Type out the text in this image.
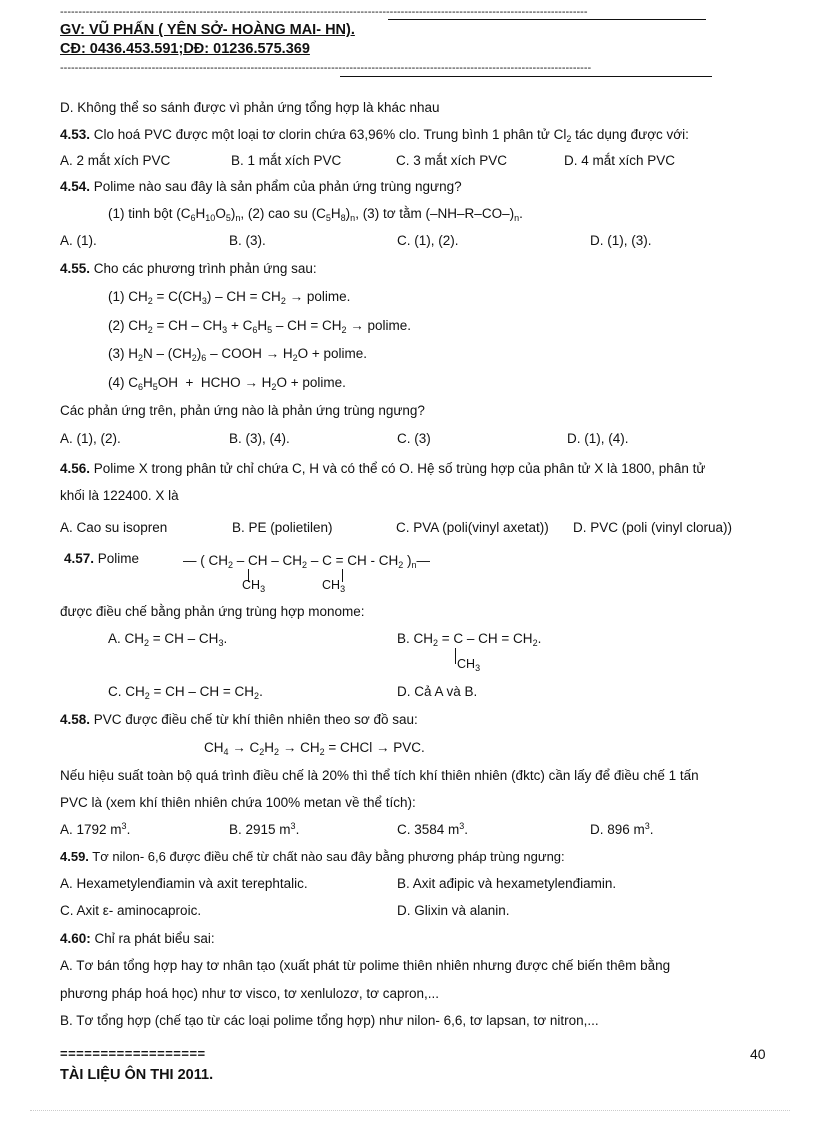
------------------------------------------------------------------------------------------------------------------------------------------------
GV: VŨ PHẤN ( YÊN SỞ- HOÀNG MAI- HN).
CĐ: 0436.453.591;DĐ: 01236.575.369
-------------------------------------------------------------------------------------------------------------------------------------------------
D. Không thể so sánh được vì phản ứng tổng hợp là khác nhau
4.53. Clo hoá PVC được một loại tơ clorin chứa 63,96% clo. Trung bình 1 phân tử $Cl_2$ tác dụng được với:
A. 2 mắt xích PVC	B. 1 mắt xích PVC	C. 3 mắt xích PVC	D. 4 mắt xích PVC
4.54. Polime nào sau đây là sản phẩm của phản ứng trùng ngưng?
(1) tinh bột $(C_6H_{10}O_5)_n$, (2) cao su $(C_5H_8)_n$, (3) tơ tằm $(-NH-R-CO-)_n$.
A. (1).	B. (3).	C. (1), (2).	D. (1), (3).
4.55. Cho các phương trình phản ứng sau:
(1) $CH_2 = C(CH_3)$ – CH = $CH_2 \to polime$.
(2) $CH_2$ = CH – $CH_3 + C_6H_5$ – CH = $CH_2 \to polime$.
(3) $H_2N - (CH_2)_6$ – COOH → $H_2O + polime$.
(4) $C_6H_5OH$  +  HCHO → $H_2O + polime$.
Các phản ứng trên, phản ứng nào là phản ứng trùng ngưng?
A. (1), (2).	B. (3), (4).	C. (3)	D. (1), (4).
4.56. Polime X trong phân tử chỉ chứa C, H và có thể có O. Hệ số trùng hợp của phân tử X là 1800, phân tử
khối là 122400. X là
A. Cao su isopren	B. PE (polietilen)	C. PVA (poli(vinyl axetat)) D. PVC (poli (vinyl clorua))
4.57. Polime	— ( $CH_2$ – CH – $CH_2$ – C = CH - $CH_2$ )$_n—$
$CH_3$	$CH_3$
được điều chế bằng phản ứng trùng hợp monome:
A. $CH_2$ = CH – $CH_3$.	B. $CH_2 = C$ – CH = $CH_2$.
$CH_3$
C. $CH_2$ = CH – CH = $CH_2$.	D. Cả A và B.
4.58. PVC được điều chế từ khí thiên nhiên theo sơ đồ sau:
$CH_4 \to C_2H_2 \to CH_2$ = CHCl → PVC.
Nếu hiệu suất toàn bộ quá trình điều chế là 20% thì thể tích khí thiên nhiên (đktc) cần lấy để điều chế 1 tấn
PVC là (xem khí thiên nhiên chứa 100% metan về thể tích):
A. 1792 $m^3$.	B. 2915 $m^3$.	C. 3584 $m^3$.	D. 896 $m^3$.
4.59. Tơ nilon- 6,6 được điều chế từ chất nào sau đây bằng phương pháp trùng ngưng:
A. Hexametylenđiamin và axit terephtalic.	B. Axit ađipic và hexametylenđiamin.
C. Axit ε- aminocaproic.	D. Glixin và alanin.
4.60: Chỉ ra phát biểu sai:
A. Tơ bán tổng hợp hay tơ nhân tạo (xuất phát từ polime thiên nhiên nhưng được chế biến thêm bằng
phương pháp hoá học) như tơ visco, tơ xenlulozơ, tơ capron,...
B. Tơ tổng hợp (chế tạo từ các loại polime tổng hợp) như nilon- 6,6, tơ lapsan, tơ nitron,...
==================	40
TÀI LIỆU ÔN THI 2011.
